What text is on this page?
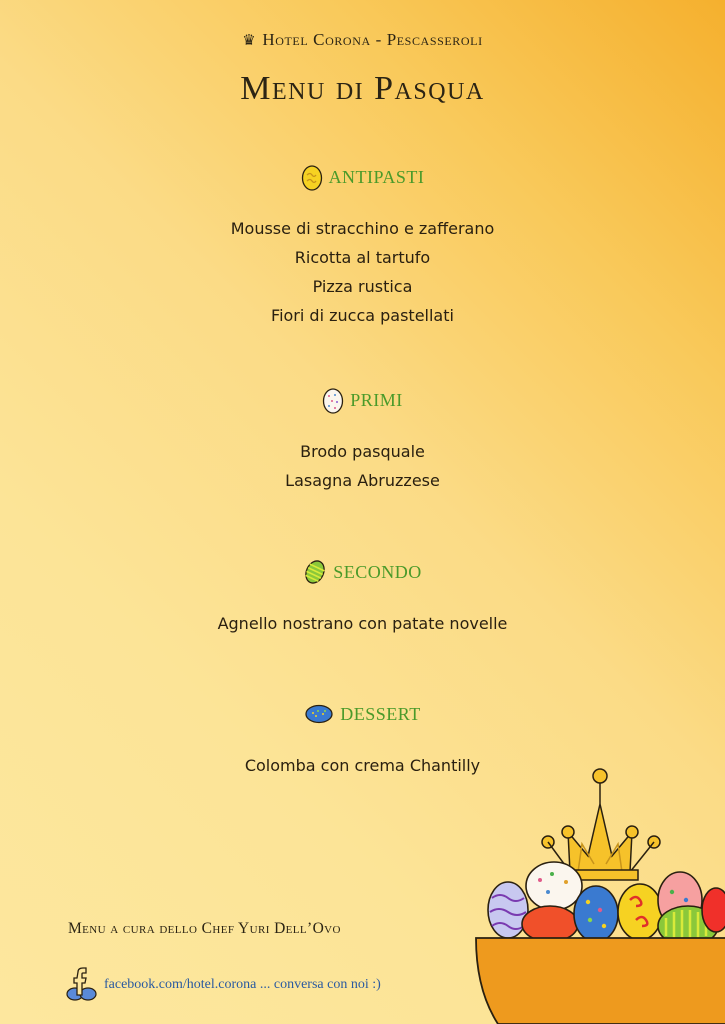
♛ Hotel Corona - Pescasseroli
Menu di Pasqua
ANTIPASTI
Mousse di stracchino e zafferano
Ricotta al tartufo
Pizza rustica
Fiori di zucca pastellati
PRIMI
Brodo pasquale
Lasagna Abruzzese
SECONDO
Agnello nostrano con patate novelle
DESSERT
Colomba con crema Chantilly
Menu a cura dello Chef Yuri Dell’Ovo
facebook.com/hotel.corona ... conversa con noi :)
